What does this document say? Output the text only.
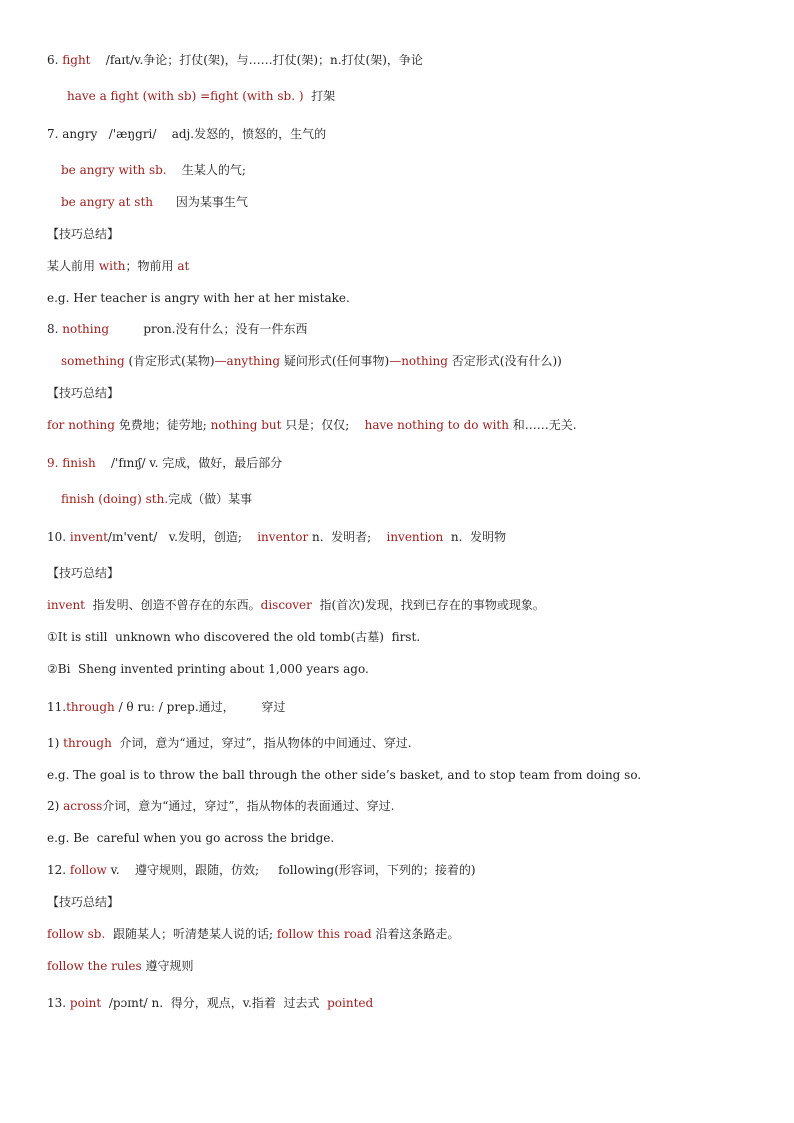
6. fight    /faɪt/v.争论；打仗(架)，与……打仗(架)；n.打仗(架)，争论
have a fight (with sb) =fight (with sb. )  打架
7. angry   /'æŋgri/    adj.发怒的，愤怒的，生气的
be angry with sb.    生某人的气;
be angry at sth      因为某事生气
【技巧总结】
某人前用 with；物前用 at
e.g. Her teacher is angry with her at her mistake.
8. nothing         pron.没有什么；没有一件东西
something (肯定形式(某物)—anything 疑问形式(任何事物)—nothing 否定形式(没有什么))
【技巧总结】
for nothing 免费地；徒劳地; nothing but 只是；仅仅;    have nothing to do with 和……无关.
9. finish    /'fɪnɪʃ/ v. 完成，做好，最后部分
finish (doing) sth.完成（做）某事
10. invent/ɪn'vent/   v.发明，创造;    inventor n.  发明者;    invention  n.  发明物
【技巧总结】
invent  指发明、创造不曾存在的东西。discover  指(首次)发现，找到已存在的事物或现象。
①It is still  unknown who discovered the old tomb(古墓)  first.
②Bi  Sheng invented printing about 1,000 years ago.
11.through / θ ruː / prep.通过，       穿过
1) through  介词，意为“通过，穿过”，指从物体的中间通过、穿过.
e.g. The goal is to throw the ball through the other side’s basket, and to stop team from doing so.
2) across介词，意为“通过，穿过”，指从物体的表面通过、穿过.
e.g. Be  careful when you go across the bridge.
12. follow v.    遵守规则，跟随，仿效;     following(形容词，下列的；接着的)
【技巧总结】
follow sb.  跟随某人；听清楚某人说的话; follow this road 沿着这条路走。
follow the rules 遵守规则
13. point  /pɔɪnt/ n.  得分，观点，v.指着  过去式  pointed
